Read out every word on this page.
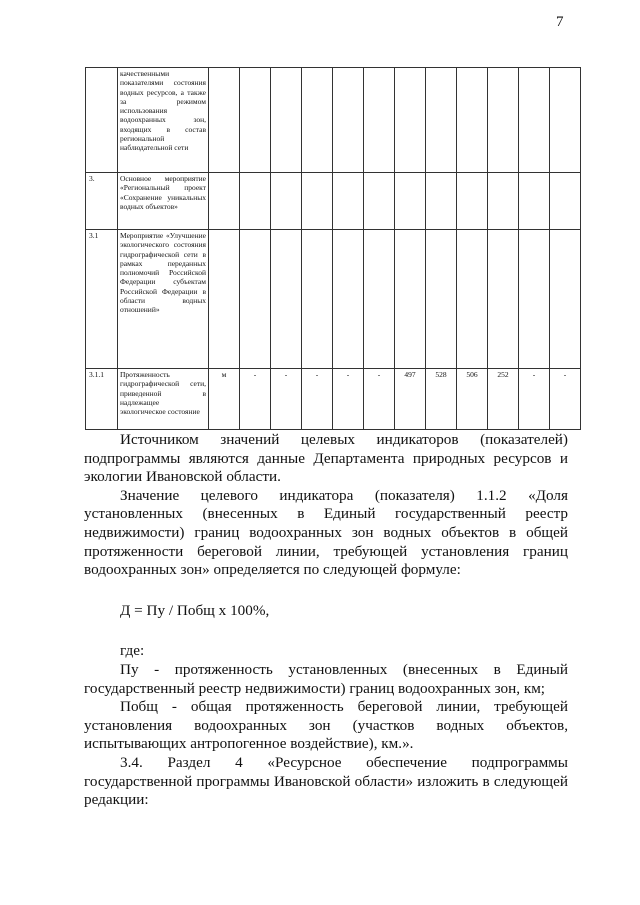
7
	качественными показателями состояния водных ресурсов, а также за режимом использования водоохранных зон, входящих в состав региональной наблюдательной сети												
3.	Основное мероприятие «Региональный проект «Сохранение уникальных водных объектов»												
3.1	Мероприятие «Улучшение экологического состояния гидрографической сети в рамках переданных полномочий Российской Федерации субъектам Российской Федерации в области водных отношений»												
3.1.1	Протяженность гидрографической сети, приведенной в надлежащее экологическое состояние	м	-	-	-	-	-	497	528	506	252	-	-

Источником значений целевых индикаторов (показателей) подпрограммы являются данные Департамента природных ресурсов и экологии Ивановской области.

Значение целевого индикатора (показателя) 1.1.2 «Доля установленных (внесенных в Единый государственный реестр недвижимости) границ водоохранных зон водных объектов в общей протяженности береговой линии, требующей установления границ водоохранных зон» определяется по следующей формуле:

Д = Пу / Побщ х 100%,

где:

Пу - протяженность установленных (внесенных в Единый государственный реестр недвижимости) границ водоохранных зон, км;

Побщ - общая протяженность береговой линии, требующей установления водоохранных зон (участков водных объектов, испытывающих антропогенное воздействие), км.».

3.4. Раздел 4 «Ресурсное обеспечение подпрограммы государственной программы Ивановской области» изложить в следующей редакции:
